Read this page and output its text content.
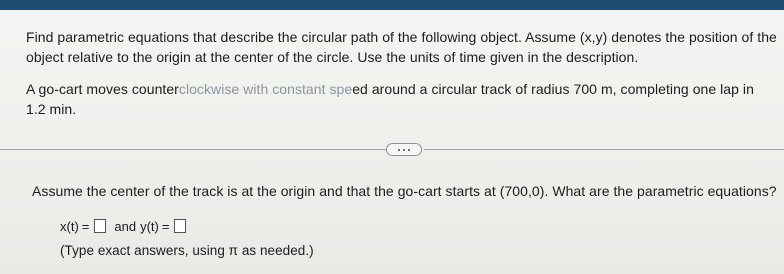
Find parametric equations that describe the circular path of the following object. Assume (x,y) denotes the position of the
object relative to the origin at the center of the circle. Use the units of time given in the description.
A go-cart moves counterclockwise with constant speed around a circular track of radius 700 m, completing one lap in
1.2 min.
Assume the center of the track is at the origin and that the go-cart starts at (700,0). What are the parametric equations?
x(t) = and y(t) =
(Type exact answers, using π as needed.)
